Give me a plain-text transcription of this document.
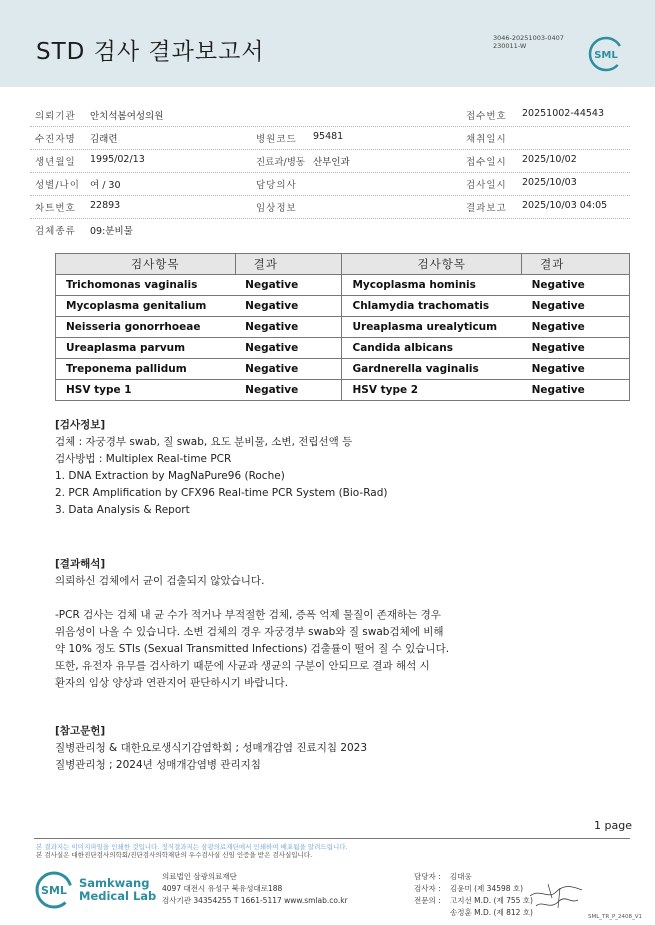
STD 검사 결과보고서
3046-20251003-0407
230011-W
SML
의뢰기관 안치석봄여성의원	접수번호 20251002-44543
수진자명 김래련	병원코드 95481	채취일시
생년월일 1995/02/13	진료과/병동 산부인과	접수일시 2025/10/02
성별/나이 여 / 30	담당의사	검사일시 2025/10/03
차트번호 22893	임상정보	결과보고 2025/10/03 04:05
검체종류 09:분비물
검사항목	결과	검사항목	결과
Trichomonas vaginalis	Negative	Mycoplasma hominis	Negative
Mycoplasma genitalium	Negative	Chlamydia trachomatis	Negative
Neisseria gonorrhoeae	Negative	Ureaplasma urealyticum	Negative
Ureaplasma parvum	Negative	Candida albicans	Negative
Treponema pallidum	Negative	Gardnerella vaginalis	Negative
HSV type 1	Negative	HSV type 2	Negative
[검사정보]
검체 : 자궁경부 swab, 질 swab, 요도 분비물, 소변, 전립선액 등
검사방법 : Multiplex Real-time PCR
1. DNA Extraction by MagNaPure96 (Roche)
2. PCR Amplification by CFX96 Real-time PCR System (Bio-Rad)
3. Data Analysis & Report
[결과해석]
의뢰하신 검체에서 균이 검출되지 않았습니다.
-PCR 검사는 검체 내 균 수가 적거나 부적절한 검체, 증폭 억제 물질이 존재하는 경우
위음성이 나올 수 있습니다. 소변 검체의 경우 자궁경부 swab와 질 swab검체에 비해
약 10% 정도 STIs (Sexual Transmitted Infections) 검출률이 떨어 질 수 있습니다.
또한, 유전자 유무를 검사하기 때문에 사균과 생균의 구분이 안되므로 결과 해석 시
환자의 임상 양상과 연관지어 판단하시기 바랍니다.
[참고문헌]
질병관리청 & 대한요로생식기감염학회 ; 성매개감염 진료지침 2023
질병관리청 ; 2024년 성매개감염병 관리지침
1 page
본 결과지는 이미지파일을 인쇄한 것입니다. 정식결과지는 삼광의료재단에서 인쇄하여 배포됨을 알려드립니다.
본 검사실은 대한진단검사의학회/진단검사의학재단의 우수검사실 신임 인증을 받은 검사실입니다.
SML
Samkwang
Medical Lab
의료법인 삼광의료재단
4097 대전시 유성구 북유성대로188
검사기관 34354255 T 1661-5117 www.smlab.co.kr
담당자 : 김대웅
검사자 : 김윤미 (제 34598 호)
전문의 : 고지선 M.D. (제 755 호)
송정훈 M.D. (제 812 호)	SML_TR_P_2408_V1
